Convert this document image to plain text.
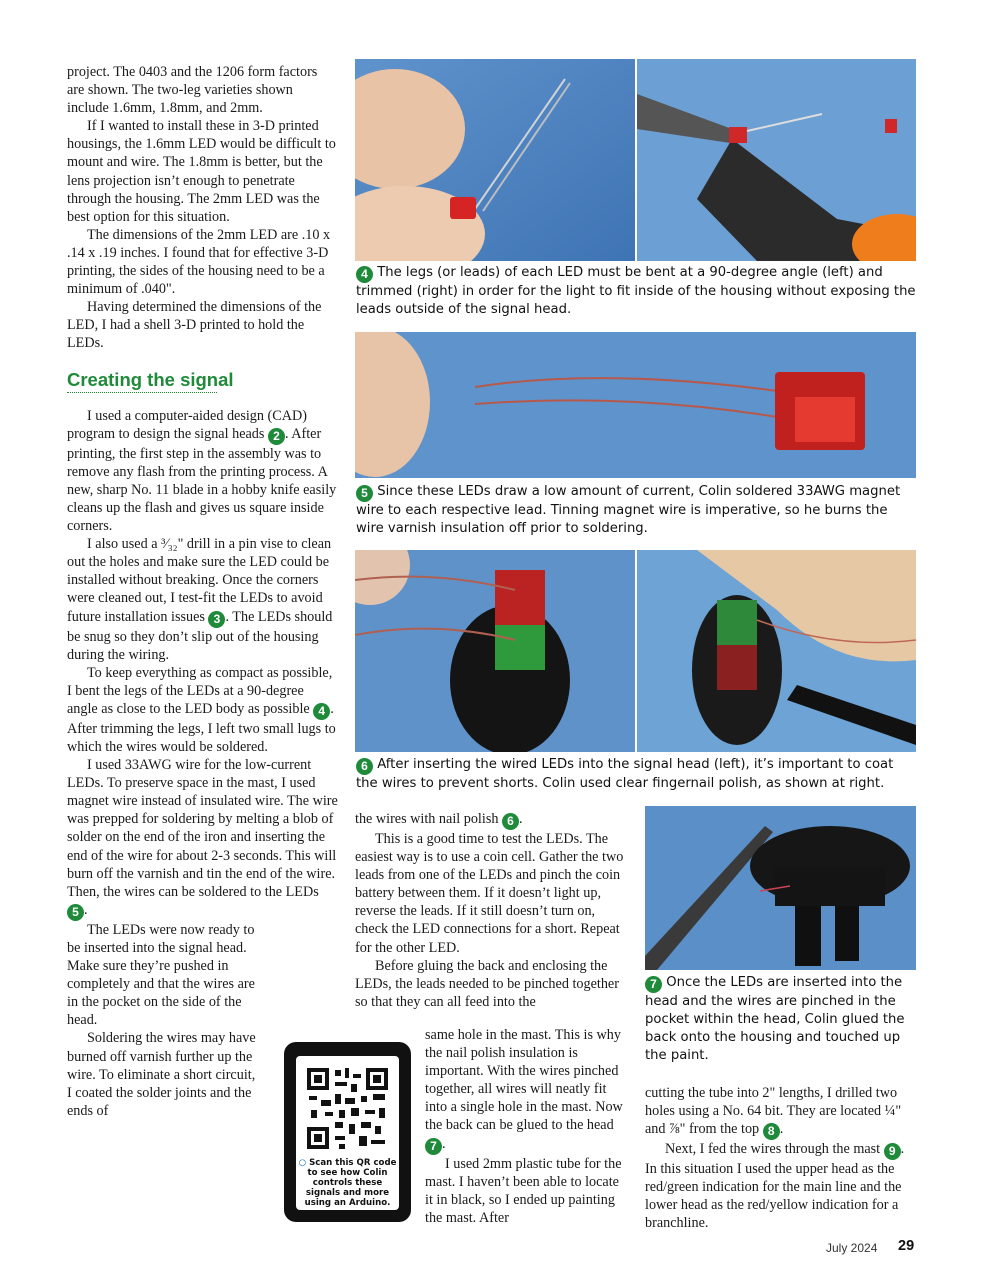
project. The 0403 and the 1206 form factors are shown. The two-leg varieties shown include 1.6mm, 1.8mm, and 2mm.

If I wanted to install these in 3-D printed housings, the 1.6mm LED would be difficult to mount and wire. The 1.8mm is better, but the lens projection isn’t enough to penetrate through the housing. The 2mm LED was the best option for this situation.

The dimensions of the 2mm LED are .10 x .14 x .19 inches. I found that for effective 3-D printing, the sides of the housing need to be a minimum of .040".

Having determined the dimensions of the LED, I had a shell 3-D printed to hold the LEDs.

Creating the signal

I used a computer-aided design (CAD) program to design the signal heads 2 . After printing, the first step in the assembly was to remove any flash from the printing process. A new, sharp No. 11 blade in a hobby knife easily cleans up the flash and gives us square inside corners.

I also used a ³⁄₃₂" drill in a pin vise to clean out the holes and make sure the LED could be installed without breaking. Once the corners were cleaned out, I test-fit the LEDs to avoid future installation issues 3 . The LEDs should be snug so they don’t slip out of the housing during the wiring.

To keep everything as compact as possible, I bent the legs of the LEDs at a 90-degree angle as close to the LED body as possible 4 . After trimming the legs, I left two small lugs to which the wires would be soldered.

I used 33AWG wire for the low-current LEDs. To preserve space in the mast, I used magnet wire instead of insulated wire. The wire was prepped for soldering by melting a blob of solder on the end of the iron and inserting the end of the wire for about 2-3 seconds. This will burn off the varnish and tin the end of the wire. Then, the wires can be soldered to the LEDs 5 .

The LEDs were now ready to be inserted into the signal head. Make sure they’re pushed in completely and that the wires are in the pocket on the side of the head.

Soldering the wires may have burned off varnish further up the wire. To eliminate a short circuit, I coated the solder joints and the ends of

4 The legs (or leads) of each LED must be bent at a 90-degree angle (left) and trimmed (right) in order for the light to fit inside of the housing without exposing the leads outside of the signal head.
5 Since these LEDs draw a low amount of current, Colin soldered 33AWG magnet wire to each respective lead. Tinning magnet wire is imperative, so he burns the wire varnish insulation off prior to soldering.
6 After inserting the wired LEDs into the signal head (left), it’s important to coat the wires to prevent shorts. Colin used clear fingernail polish, as shown at right.

the wires with nail polish 6 .

This is a good time to test the LEDs. The easiest way is to use a coin cell. Gather the two leads from one of the LEDs and pinch the coin battery between them. If it doesn’t light up, reverse the leads. If it still doesn’t turn on, check the LED connections for a short. Repeat for the other LED.

Before gluing the back and enclosing the LEDs, the leads needed to be pinched together so that they can all feed into the

same hole in the mast. This is why the nail polish insulation is important. With the wires pinched together, all wires will neatly fit into a single hole in the mast. Now the back can be glued to the head 7 .

I used 2mm plastic tube for the mast. I haven’t been able to locate it in black, so I ended up painting the mast. After

○ Scan this QR code to see how Colin controls these signals and more using an Arduino.
7 Once the LEDs are inserted into the head and the wires are pinched in the pocket within the head, Colin glued the back onto the housing and touched up the paint.

cutting the tube into 2" lengths, I drilled two holes using a No. 64 bit. They are located ¼" and ⅞" from the top 8 .

Next, I fed the wires through the mast 9 . In this situation I used the upper head as the red/green indication for the main line and the lower head as the red/yellow indication for a branchline.

July 2024 29
